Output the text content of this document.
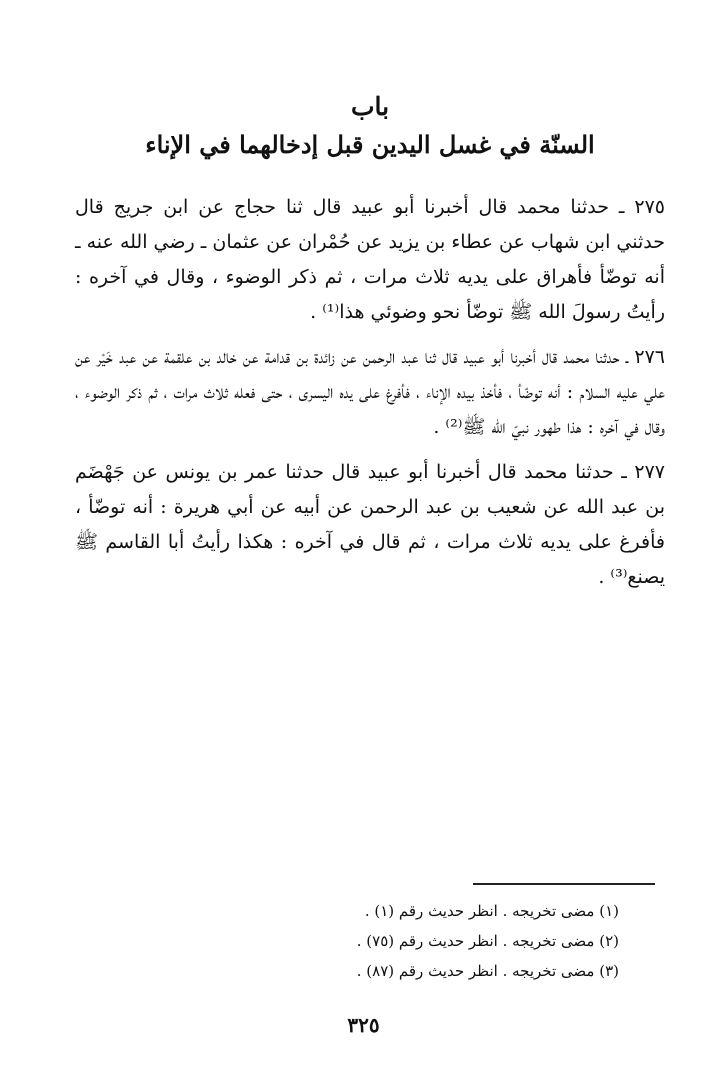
باب
السنّة في غسل اليدين قبل إدخالهما في الإناء

٢٧٥ ـ حدثنا محمد قال أخبرنا أبو عبيد قال ثنا حجاج عن ابن جريج قال حدثني ابن شهاب عن عطاء بن يزيد عن حُمْران عن عثمان ـ رضي الله عنه ـ أنه توضّأ فأهراق على يديه ثلاث مرات ، ثم ذكر الوضوء ، وقال في آخره : رأيتُ رسولَ الله ﷺ توضّأ نحو وضوئي هذا⁽¹⁾ .

٢٧٦ ـ حدثنا محمد قال أخبرنا أبو عبيد قال ثنا عبد الرحمن عن زائدة بن قدامة عن خالد بن علقمة عن عبد خَيْر عن علي عليه السلام : أنه توضّأ ، فأخذ بيده الإناء ، فأفرغ على يده اليسرى ، حتى فعله ثلاث مرات ، ثم ذكر الوضوء ، وقال في آخره : هذا طهور نبيّ الله ﷺ⁽²⁾ .

٢٧٧ ـ حدثنا محمد قال أخبرنا أبو عبيد قال حدثنا عمر بن يونس عن جَهْضَم بن عبد الله عن شعيب بن عبد الرحمن عن أبيه عن أبي هريرة : أنه توضّأ ، فأفرغ على يديه ثلاث مرات ، ثم قال في آخره : هكذا رأيتُ أبا القاسم ﷺ يصنع⁽³⁾ .

(١) مضى تخريجه . انظر حديث رقم (١) .
(٢) مضى تخريجه . انظر حديث رقم (٧٥) .
(٣) مضى تخريجه . انظر حديث رقم (٨٧) .
٣٢٥
